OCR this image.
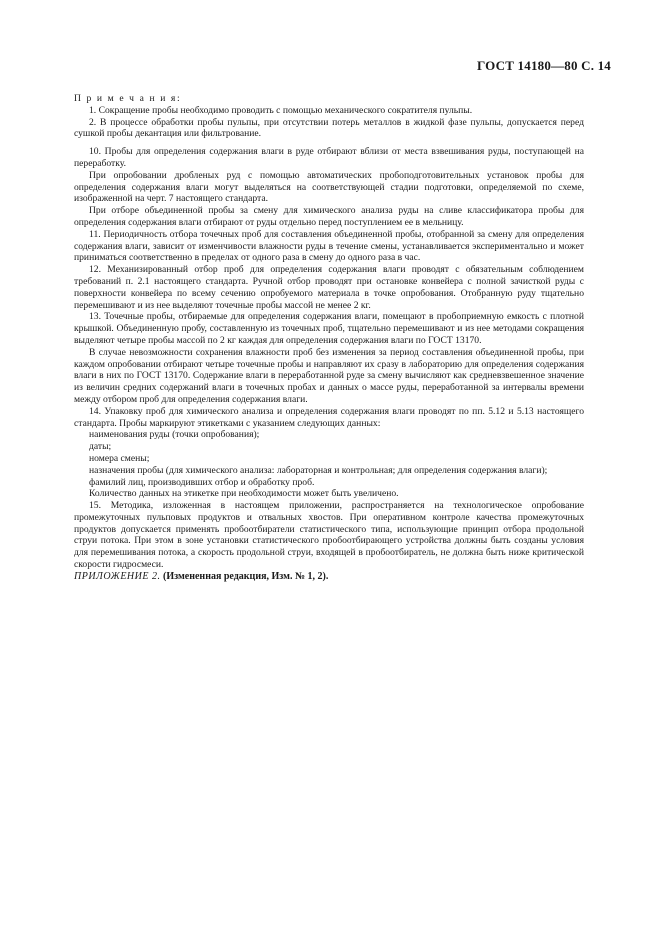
ГОСТ 14180—80 С. 14

П р и м е ч а н и я:

1. Сокращение пробы необходимо проводить с помощью механического сократителя пульпы.

2. В процессе обработки пробы пульпы, при отсутствии потерь металлов в жидкой фазе пульпы, допускается перед сушкой пробы декантация или фильтрование.

10. Пробы для определения содержания влаги в руде отбирают вблизи от места взвешивания руды, поступающей на переработку.

При опробовании дробленых руд с помощью автоматических пробоподготовительных установок пробы для определения содержания влаги могут выделяться на соответствующей стадии подготовки, определяемой по схеме, изображенной на черт. 7 настоящего стандарта.

При отборе объединенной пробы за смену для химического анализа руды на сливе классификатора пробы для определения содержания влаги отбирают от руды отдельно перед поступлением ее в мельницу.

11. Периодичность отбора точечных проб для составления объединенной пробы, отобранной за смену для определения содержания влаги, зависит от изменчивости влажности руды в течение смены, устанавливается экспериментально и может приниматься соответственно в пределах от одного раза в смену до одного раза в час.

12. Механизированный отбор проб для определения содержания влаги проводят с обязательным соблюдением требований п. 2.1 настоящего стандарта. Ручной отбор проводят при остановке конвейера с полной зачисткой руды с поверхности конвейера по всему сечению опробуемого материала в точке опробования. Отобранную руду тщательно перемешивают и из нее выделяют точечные пробы массой не менее 2 кг.

13. Точечные пробы, отбираемые для определения содержания влаги, помещают в пробоприемную емкость с плотной крышкой. Объединенную пробу, составленную из точечных проб, тщательно перемешивают и из нее методами сокращения выделяют четыре пробы массой по 2 кг каждая для определения содержания влаги по ГОСТ 13170.

В случае невозможности сохранения влажности проб без изменения за период составления объединенной пробы, при каждом опробовании отбирают четыре точечные пробы и направляют их сразу в лабораторию для определения содержания влаги в них по ГОСТ 13170. Содержание влаги в переработанной руде за смену вычисляют как средневзвешенное значение из величин средних содержаний влаги в точечных пробах и данных о массе руды, переработанной за интервалы времени между отбором проб для определения содержания влаги.

14. Упаковку проб для химического анализа и определения содержания влаги проводят по пп. 5.12 и 5.13 настоящего стандарта. Пробы маркируют этикетками с указанием следующих данных:

наименования руды (точки опробования);

даты;

номера смены;

назначения пробы (для химического анализа: лабораторная и контрольная; для определения содержания влаги);

фамилий лиц, производивших отбор и обработку проб.

Количество данных на этикетке при необходимости может быть увеличено.

15. Методика, изложенная в настоящем приложении, распространяется на технологическое опробование промежуточных пульповых продуктов и отвальных хвостов. При оперативном контроле качества промежуточных продуктов допускается применять пробоотбиратели статистического типа, использующие принцип отбора продольной струи потока. При этом в зоне установки статистического пробоотбирающего устройства должны быть созданы условия для перемешивания потока, а скорость продольной струи, входящей в пробоотбиратель, не должна быть ниже критической скорости гидросмеси.

ПРИЛОЖЕНИЕ 2. (Измененная редакция, Изм. № 1, 2).
